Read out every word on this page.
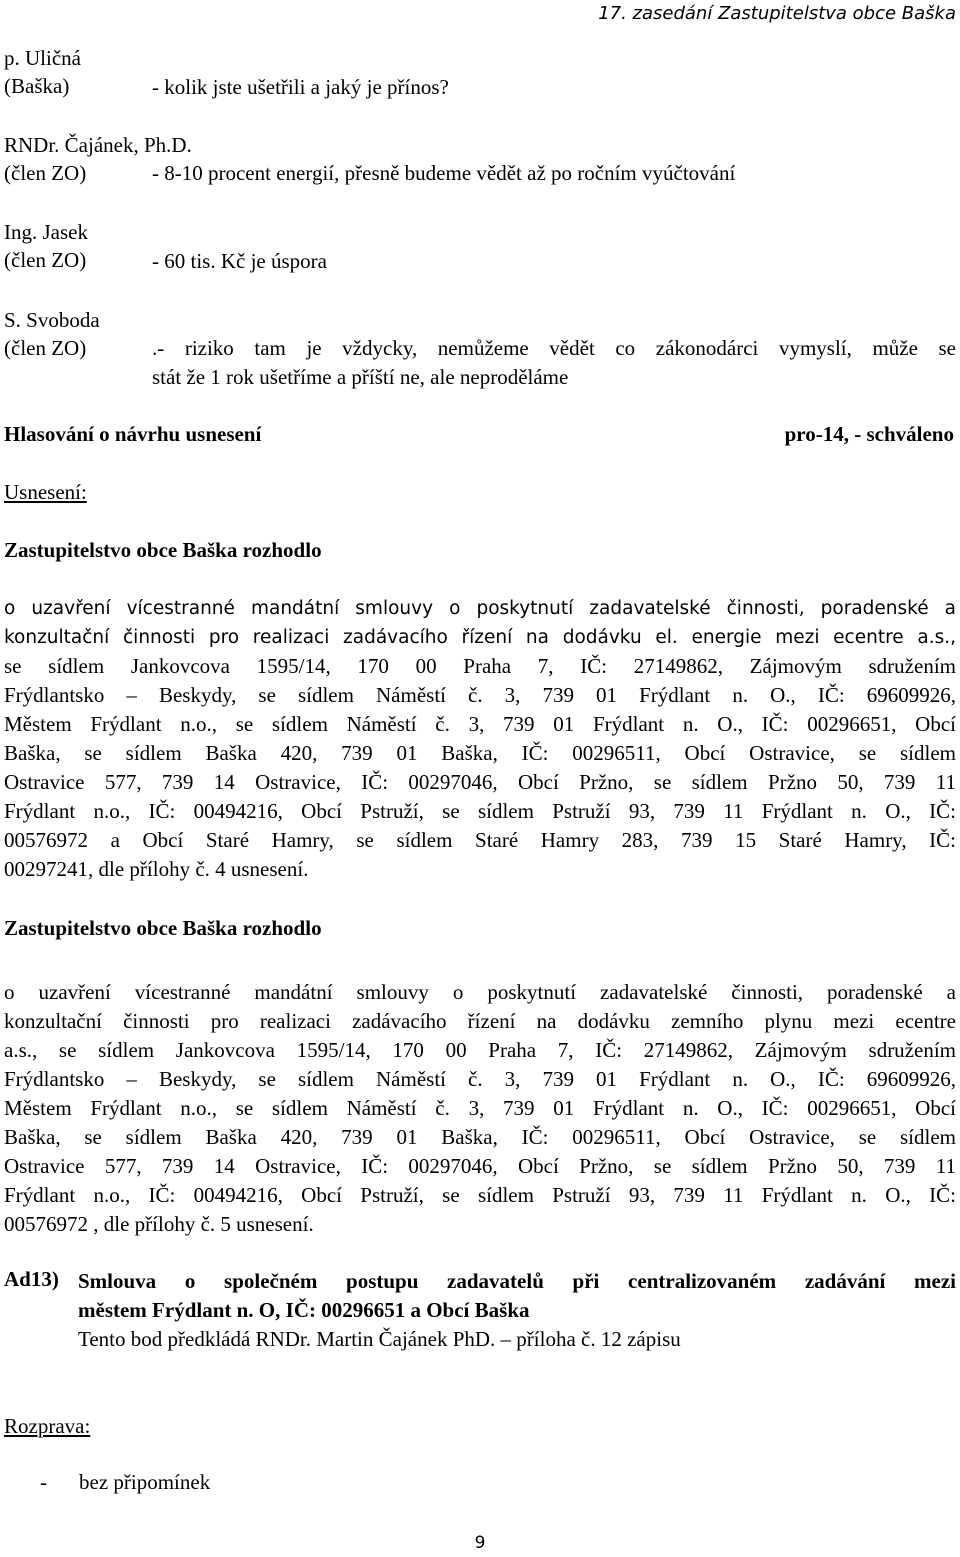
17. zasedání Zastupitelstva obce Baška
p. Uličná
(Baška)	- kolik jste ušetřili a jaký je přínos?
RNDr. Čajánek, Ph.D.
(člen ZO)	- 8-10 procent energií, přesně budeme vědět až po ročním vyúčtování
Ing. Jasek
(člen ZO)	- 60 tis. Kč je úspora
S. Svoboda
(člen ZO)	.- riziko tam je vždycky, nemůžeme vědět co zákonodárci vymyslí, může se
stát že 1 rok ušetříme a příští ne, ale neproděláme
Hlasování o návrhu usnesení	pro-14, - schváleno
Usnesení:
Zastupitelstvo obce Baška rozhodlo
o uzavření vícestranné mandátní smlouvy o poskytnutí zadavatelské činnosti, poradenské a
konzultační činnosti pro realizaci zadávacího řízení na dodávku el. energie mezi ecentre a.s.,
se sídlem Jankovcova 1595/14, 170 00 Praha 7, IČ: 27149862, Zájmovým sdružením
Frýdlantsko – Beskydy, se sídlem Náměstí č. 3, 739 01 Frýdlant n. O., IČ: 69609926,
Městem Frýdlant n.o., se sídlem Náměstí č. 3, 739 01 Frýdlant n. O., IČ: 00296651, Obcí
Baška, se sídlem Baška 420, 739 01 Baška, IČ: 00296511, Obcí Ostravice, se sídlem
Ostravice 577, 739 14 Ostravice, IČ: 00297046, Obcí Pržno, se sídlem Pržno 50, 739 11
Frýdlant n.o., IČ: 00494216, Obcí Pstruží, se sídlem Pstruží 93, 739 11 Frýdlant n. O., IČ:
00576972 a Obcí Staré Hamry, se sídlem Staré Hamry 283, 739 15 Staré Hamry, IČ:
00297241, dle přílohy č. 4 usnesení.
Zastupitelstvo obce Baška rozhodlo
o uzavření vícestranné mandátní smlouvy o poskytnutí zadavatelské činnosti, poradenské a
konzultační činnosti pro realizaci zadávacího řízení na dodávku zemního plynu mezi ecentre
a.s., se sídlem Jankovcova 1595/14, 170 00 Praha 7, IČ: 27149862, Zájmovým sdružením
Frýdlantsko – Beskydy, se sídlem Náměstí č. 3, 739 01 Frýdlant n. O., IČ: 69609926,
Městem Frýdlant n.o., se sídlem Náměstí č. 3, 739 01 Frýdlant n. O., IČ: 00296651, Obcí
Baška, se sídlem Baška 420, 739 01 Baška, IČ: 00296511, Obcí Ostravice, se sídlem
Ostravice 577, 739 14 Ostravice, IČ: 00297046, Obcí Pržno, se sídlem Pržno 50, 739 11
Frýdlant n.o., IČ: 00494216, Obcí Pstruží, se sídlem Pstruží 93, 739 11 Frýdlant n. O., IČ:
00576972 , dle přílohy č. 5 usnesení.
Ad13) Smlouva o společném postupu zadavatelů při centralizovaném zadávání mezi
městem Frýdlant n. O, IČ: 00296651 a Obcí Baška
Tento bod předkládá RNDr. Martin Čajánek PhD. – příloha č. 12 zápisu
Rozprava:
- bez připomínek
9
